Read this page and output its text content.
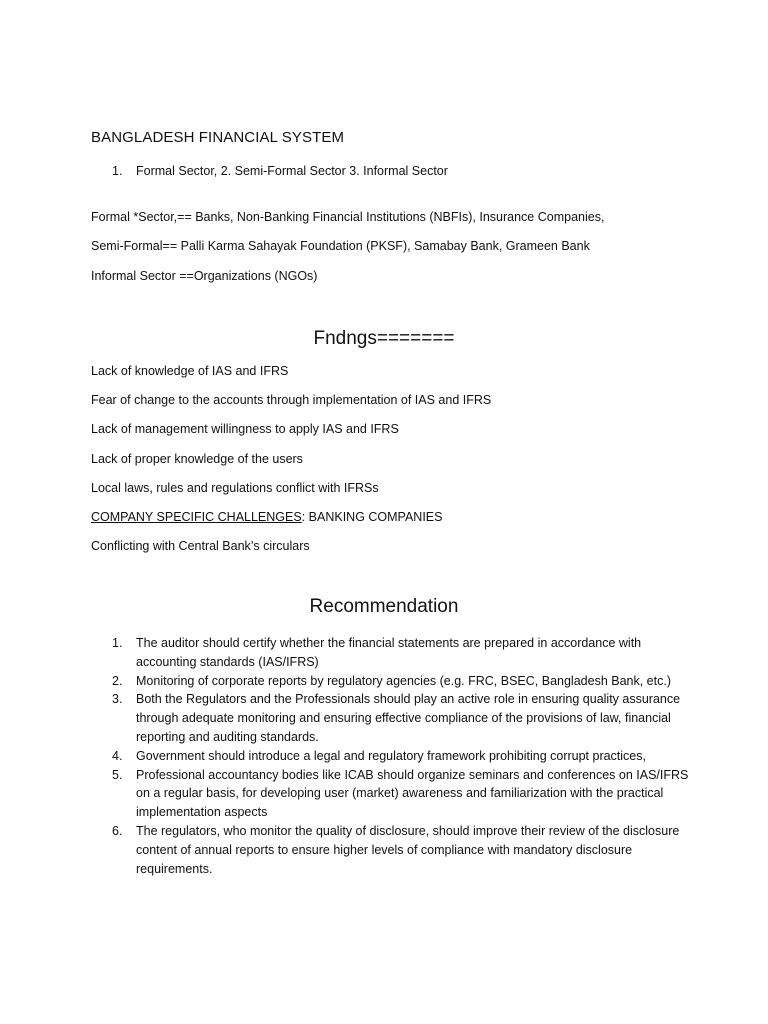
BANGLADESH FINANCIAL SYSTEM
1.	Formal Sector, 2. Semi-Formal Sector 3. Informal Sector
Formal *Sector,== Banks, Non-Banking Financial Institutions (NBFIs), Insurance Companies,
Semi-Formal== Palli Karma Sahayak Foundation (PKSF), Samabay Bank, Grameen Bank
Informal Sector ==Organizations (NGOs)
Fndngs=======
Lack of knowledge of IAS and IFRS
Fear of change to the accounts through implementation of IAS and IFRS
Lack of management willingness to apply IAS and IFRS
Lack of proper knowledge of the users
Local laws, rules and regulations conflict with IFRSs
COMPANY SPECIFIC CHALLENGES: BANKING COMPANIES
Conflicting with Central Bank’s circulars
Recommendation
1.	The auditor should certify whether the financial statements are prepared in accordance with accounting standards (IAS/IFRS)
2.	Monitoring of corporate reports by regulatory agencies (e.g. FRC, BSEC, Bangladesh Bank, etc.)
3.	Both the Regulators and the Professionals should play an active role in ensuring quality assurance through adequate monitoring and ensuring effective compliance of the provisions of law, financial reporting and auditing standards.
4.	Government should introduce a legal and regulatory framework prohibiting corrupt practices,
5.	Professional accountancy bodies like ICAB should organize seminars and conferences on IAS/IFRS on a regular basis, for developing user (market) awareness and familiarization with the practical implementation aspects
6.	The regulators, who monitor the quality of disclosure, should improve their review of the disclosure content of annual reports to ensure higher levels of compliance with mandatory disclosure requirements.
